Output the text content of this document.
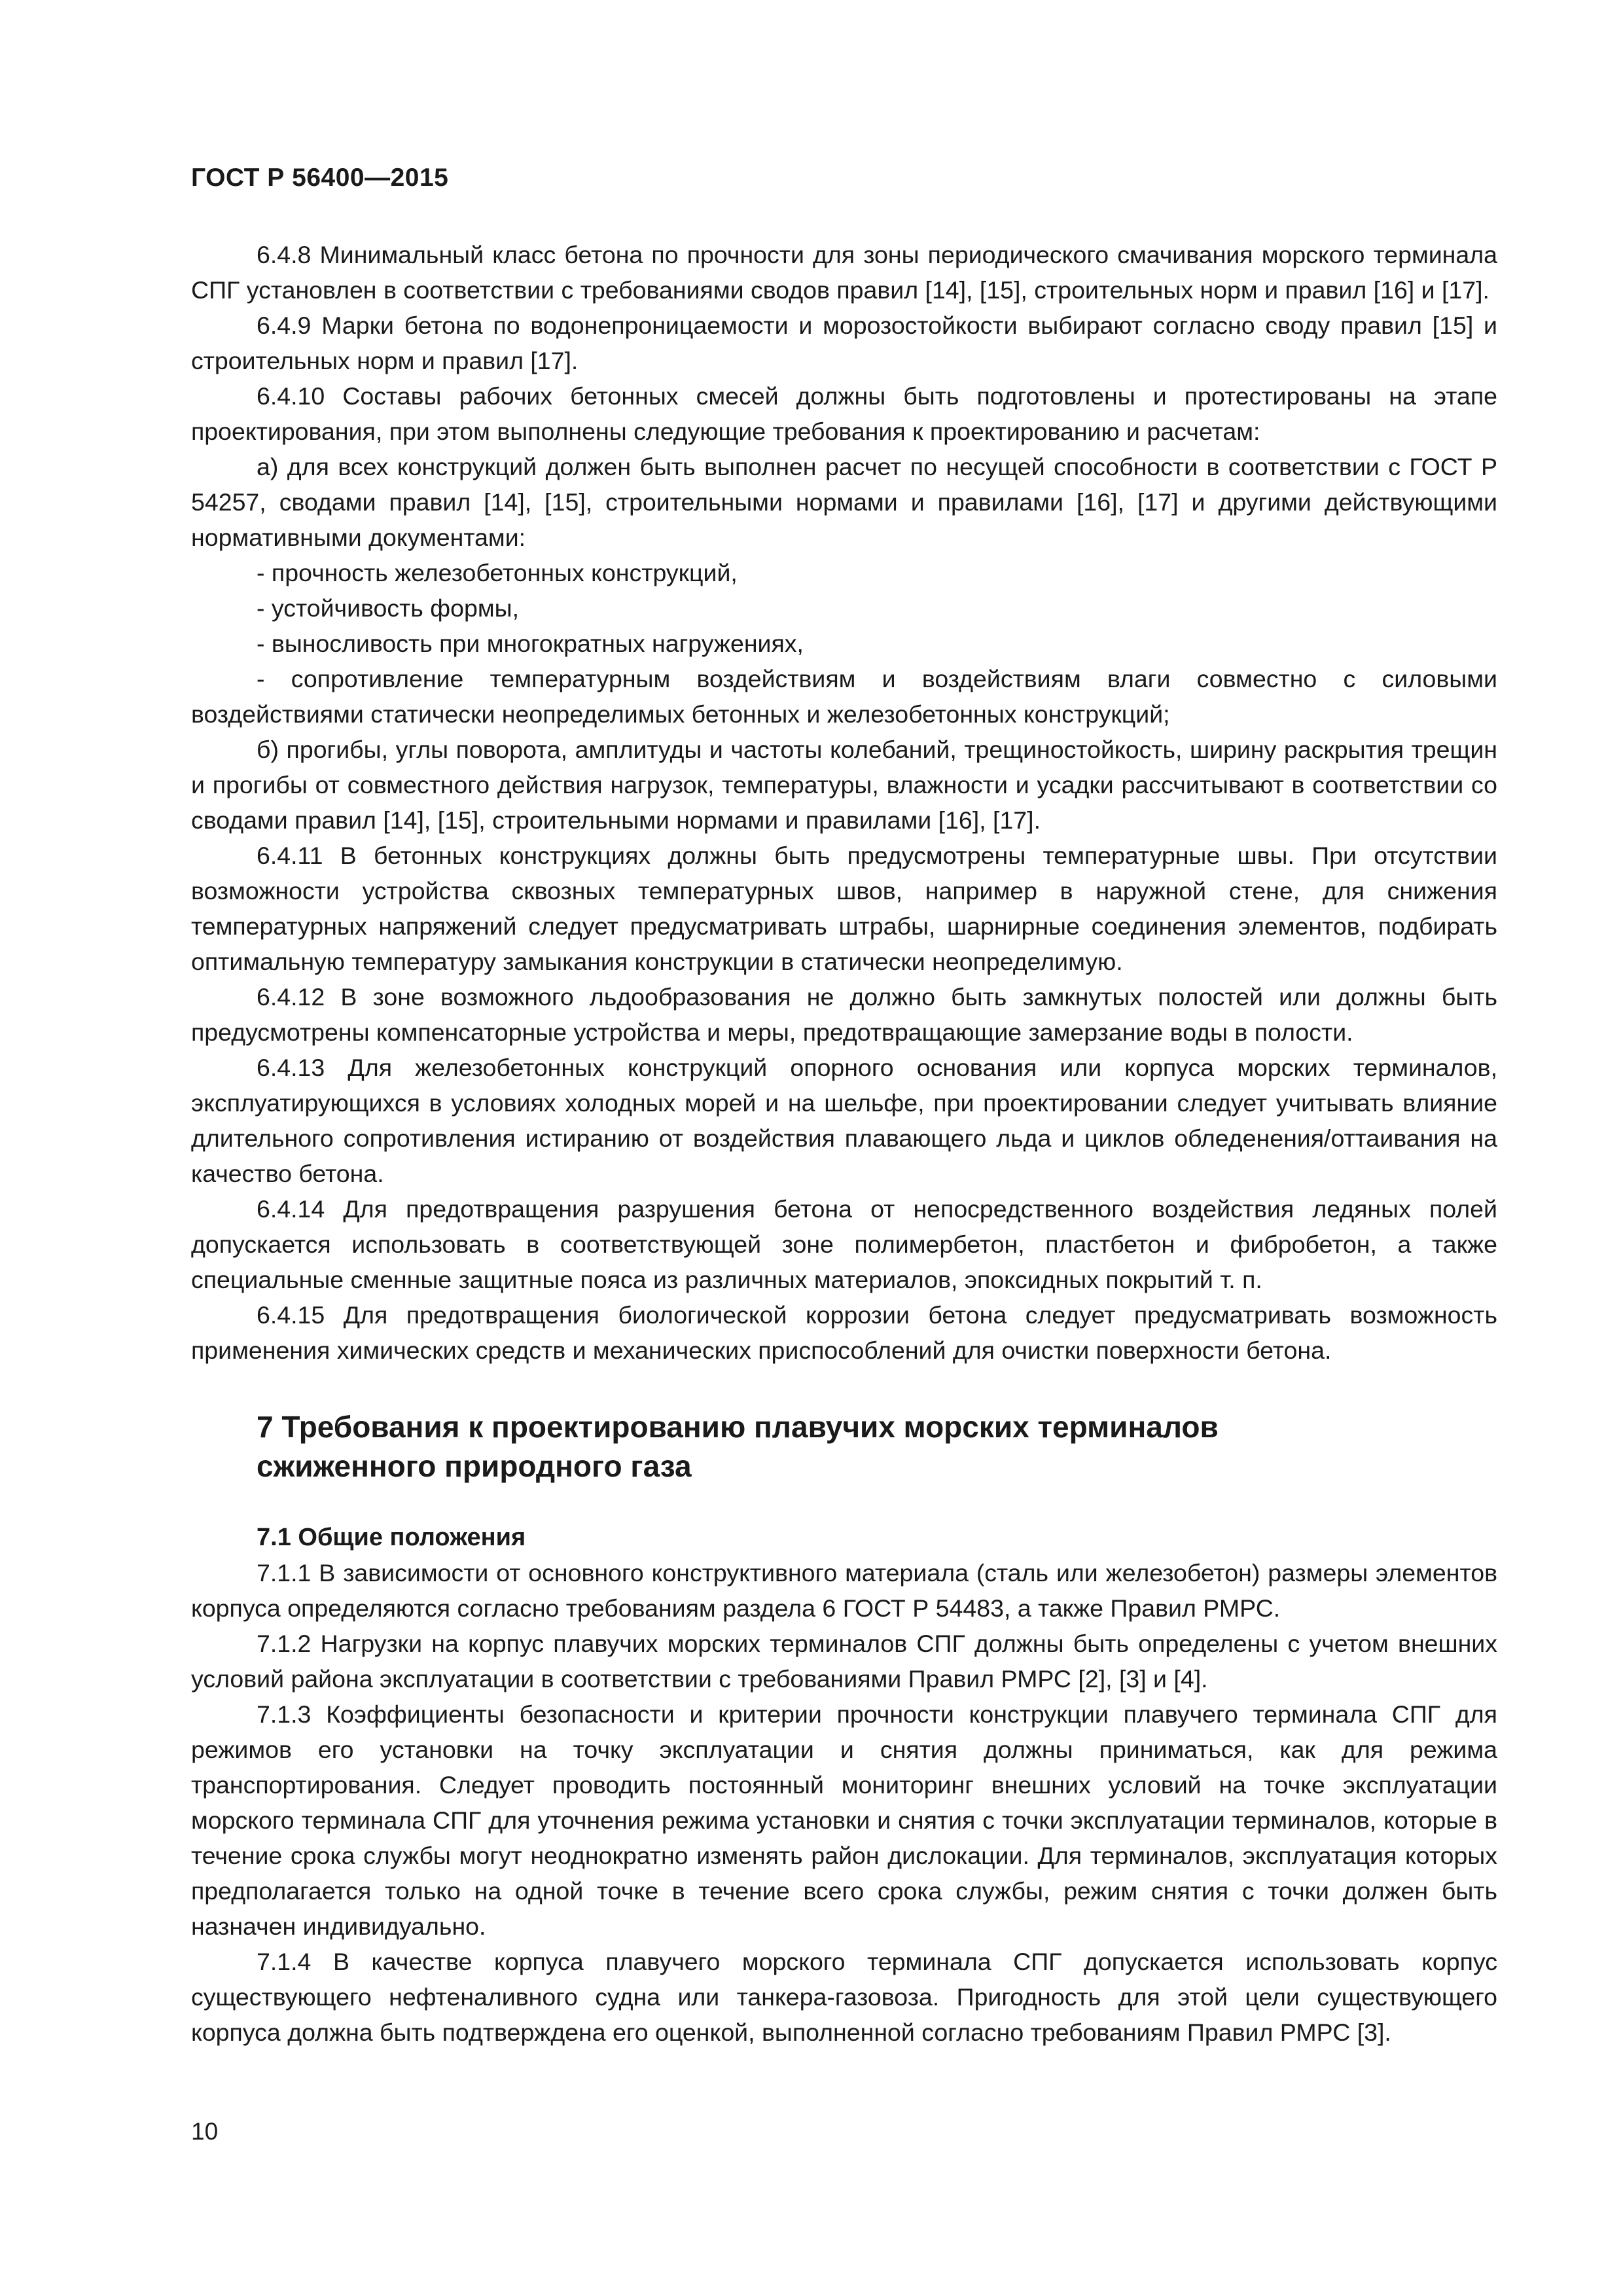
ГОСТ Р 56400—2015

6.4.8 Минимальный класс бетона по прочности для зоны периодического смачивания морского терминала СПГ установлен в соответствии с требованиями сводов правил [14], [15], строительных норм и правил [16] и [17].

6.4.9 Марки бетона по водонепроницаемости и морозостойкости выбирают согласно своду правил [15] и строительных норм и правил [17].

6.4.10 Составы рабочих бетонных смесей должны быть подготовлены и протестированы на этапе проектирования, при этом выполнены следующие требования к проектированию и расчетам:

а) для всех конструкций должен быть выполнен расчет по несущей способности в соответствии с ГОСТ Р 54257, сводами правил [14], [15], строительными нормами и правилами [16], [17] и другими действующими нормативными документами:

- прочность железобетонных конструкций,

- устойчивость формы,

- выносливость при многократных нагружениях,

- сопротивление температурным воздействиям и воздействиям влаги совместно с силовыми воздействиями статически неопределимых бетонных и железобетонных конструкций;

б) прогибы, углы поворота, амплитуды и частоты колебаний, трещиностойкость, ширину раскрытия трещин и прогибы от совместного действия нагрузок, температуры, влажности и усадки рассчитывают в соответствии со сводами правил [14], [15], строительными нормами и правилами [16], [17].

6.4.11 В бетонных конструкциях должны быть предусмотрены температурные швы. При отсутствии возможности устройства сквозных температурных швов, например в наружной стене, для снижения температурных напряжений следует предусматривать штрабы, шарнирные соединения элементов, подбирать оптимальную температуру замыкания конструкции в статически неопределимую.

6.4.12 В зоне возможного льдообразования не должно быть замкнутых полостей или должны быть предусмотрены компенсаторные устройства и меры, предотвращающие замерзание воды в полости.

6.4.13 Для железобетонных конструкций опорного основания или корпуса морских терминалов, эксплуатирующихся в условиях холодных морей и на шельфе, при проектировании следует учитывать влияние длительного сопротивления истиранию от воздействия плавающего льда и циклов обледенения/оттаивания на качество бетона.

6.4.14 Для предотвращения разрушения бетона от непосредственного воздействия ледяных полей допускается использовать в соответствующей зоне полимербетон, пластбетон и фибробетон, а также специальные сменные защитные пояса из различных материалов, эпоксидных покрытий т. п.

6.4.15 Для предотвращения биологической коррозии бетона следует предусматривать возможность применения химических средств и механических приспособлений для очистки поверхности бетона.

7 Требования к проектированию плавучих морских терминалов
сжиженного природного газа
7.1 Общие положения

7.1.1 В зависимости от основного конструктивного материала (сталь или железобетон) размеры элементов корпуса определяются согласно требованиям раздела 6 ГОСТ Р 54483, а также Правил РМРС.

7.1.2 Нагрузки на корпус плавучих морских терминалов СПГ должны быть определены с учетом внешних условий района эксплуатации в соответствии с требованиями Правил РМРС [2], [3] и [4].

7.1.3 Коэффициенты безопасности и критерии прочности конструкции плавучего терминала СПГ для режимов его установки на точку эксплуатации и снятия должны приниматься, как для режима транспортирования. Следует проводить постоянный мониторинг внешних условий на точке эксплуатации морского терминала СПГ для уточнения режима установки и снятия с точки эксплуатации терминалов, которые в течение срока службы могут неоднократно изменять район дислокации. Для терминалов, эксплуатация которых предполагается только на одной точке в течение всего срока службы, режим снятия с точки должен быть назначен индивидуально.

7.1.4 В качестве корпуса плавучего морского терминала СПГ допускается использовать корпус существующего нефтеналивного судна или танкера-газовоза. Пригодность для этой цели существующего корпуса должна быть подтверждена его оценкой, выполненной согласно требованиям Правил РМРС [3].

10
